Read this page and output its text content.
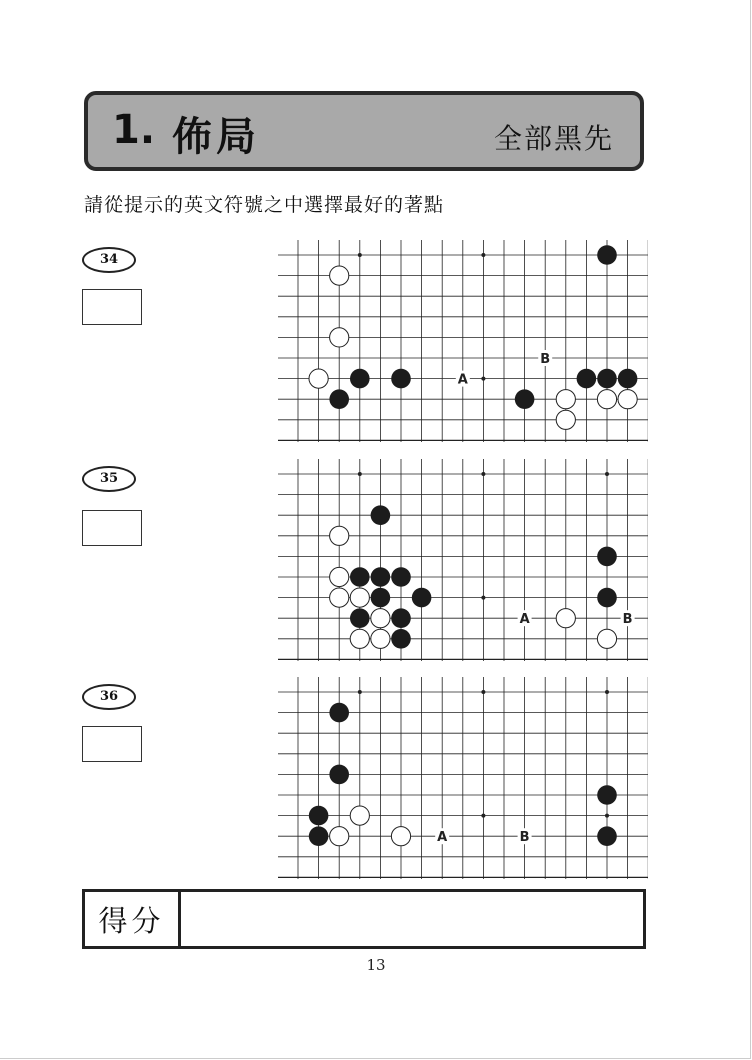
1. 佈局	全部黑先
請從提示的英文符號之中選擇最好的著點
34
A
B
35
A	B
36
A	B
得分
13
